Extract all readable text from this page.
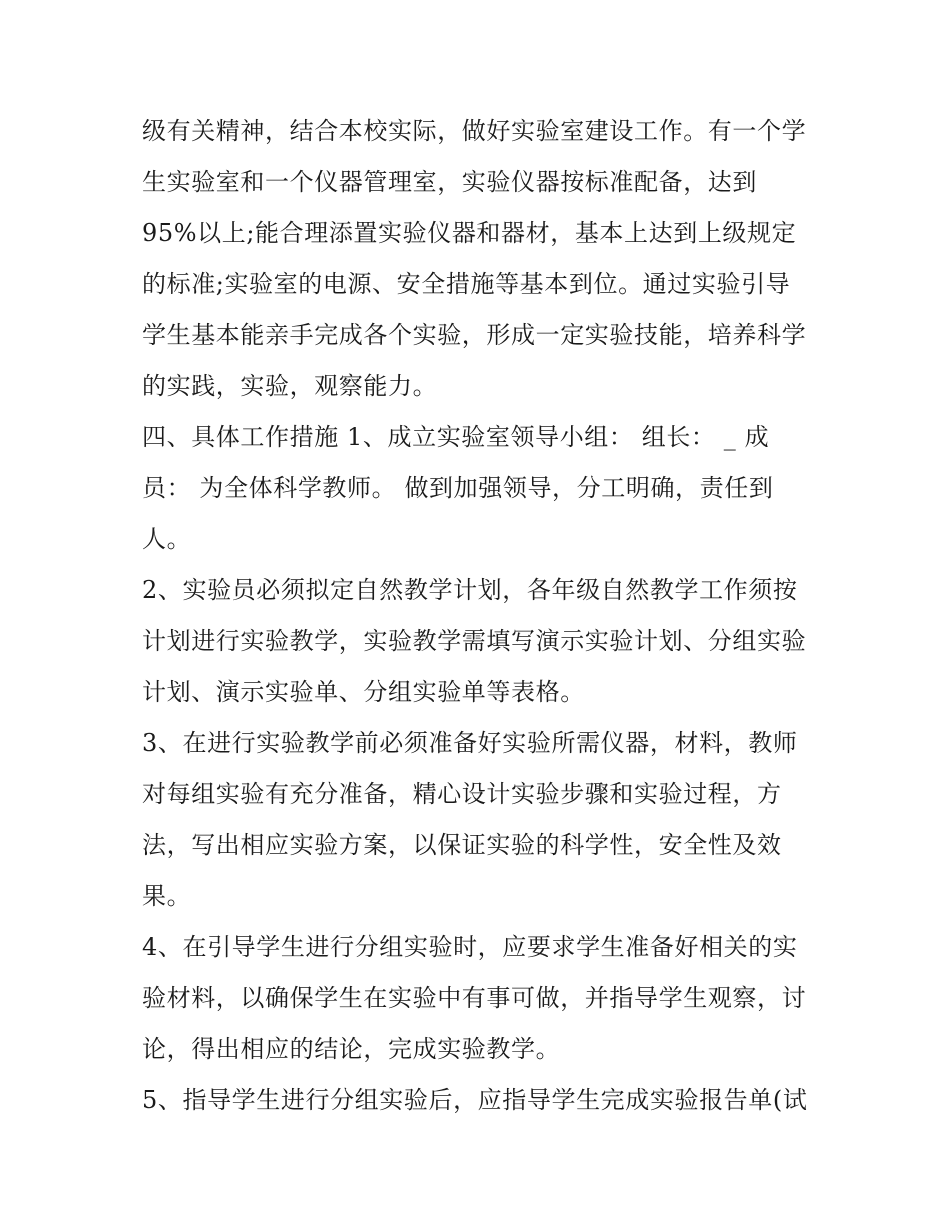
级有关精神，结合本校实际，做好实验室建设工作。有一个学
生实验室和一个仪器管理室，实验仪器按标准配备，达到
95%以上;能合理添置实验仪器和器材，基本上达到上级规定
的标准;实验室的电源、安全措施等基本到位。通过实验引导
学生基本能亲手完成各个实验，形成一定实验技能，培养科学
的实践，实验，观察能力。
四、具体工作措施 1、成立实验室领导小组： 组长： _ 成
员： 为全体科学教师。 做到加强领导，分工明确，责任到
人。
2、实验员必须拟定自然教学计划，各年级自然教学工作须按
计划进行实验教学，实验教学需填写演示实验计划、分组实验
计划、演示实验单、分组实验单等表格。
3、在进行实验教学前必须准备好实验所需仪器，材料，教师
对每组实验有充分准备，精心设计实验步骤和实验过程，方
法，写出相应实验方案，以保证实验的科学性，安全性及效
果。
4、在引导学生进行分组实验时，应要求学生准备好相关的实
验材料，以确保学生在实验中有事可做，并指导学生观察，讨
论，得出相应的结论，完成实验教学。
5、指导学生进行分组实验后，应指导学生完成实验报告单(试
